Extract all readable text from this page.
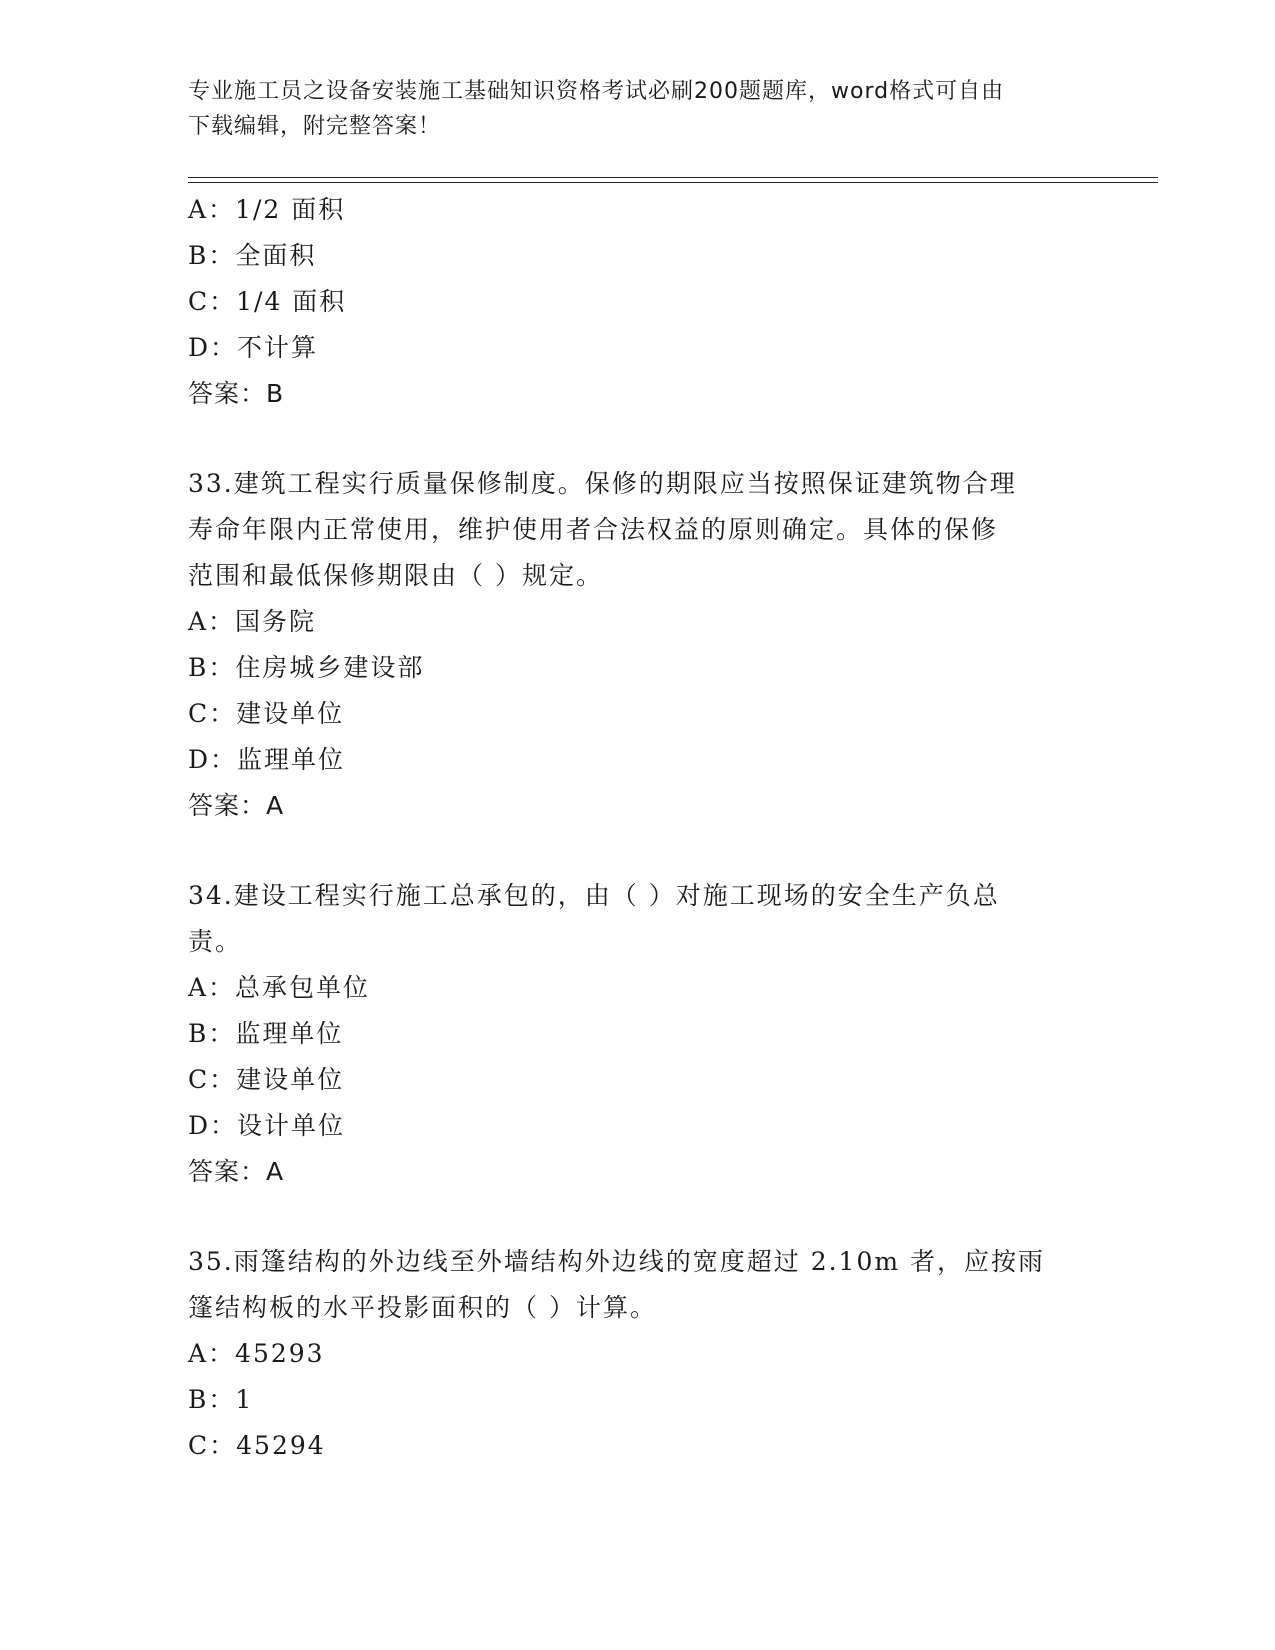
专业施工员之设备安装施工基础知识资格考试必刷200题题库，word格式可自由
下载编辑，附完整答案！
A：1/2 面积
B：全面积
C：1/4 面积
D：不计算
答案：B
33.建筑工程实行质量保修制度。保修的期限应当按照保证建筑物合理
寿命年限内正常使用，维护使用者合法权益的原则确定。具体的保修
范围和最低保修期限由（ ）规定。
A：国务院
B：住房城乡建设部
C：建设单位
D：监理单位
答案：A
34.建设工程实行施工总承包的，由（ ）对施工现场的安全生产负总
责。
A：总承包单位
B：监理单位
C：建设单位
D：设计单位
答案：A
35.雨篷结构的外边线至外墙结构外边线的宽度超过 2.10m 者，应按雨
篷结构板的水平投影面积的（ ）计算。
A：45293
B：1
C：45294
